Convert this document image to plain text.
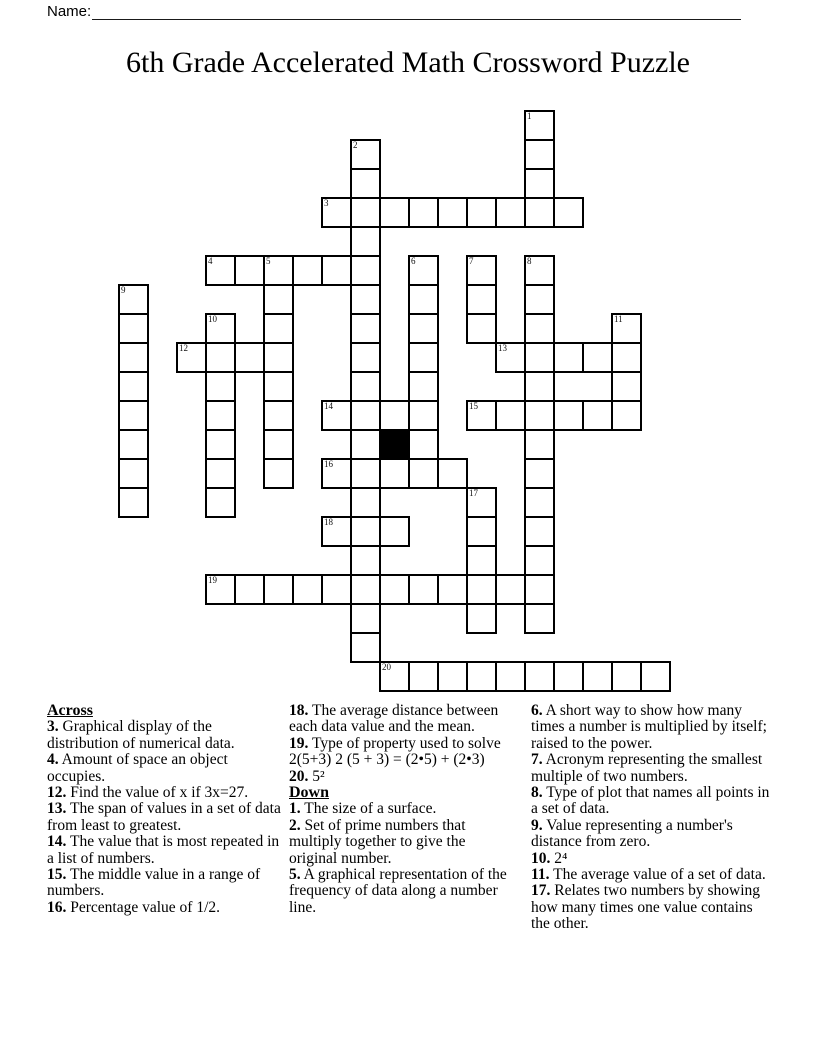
Name:
6th Grade Accelerated Math Crossword Puzzle
1
2
3
4	5	6	7	8
9
10	11
12	13
14	15
16
17
18
19
20
Across
3. Graphical display of the distribution of numerical data.
4. Amount of space an object occupies.
12. Find the value of x if 3x=27.
13. The span of values in a set of data from least to greatest.
14. The value that is most repeated in a list of numbers.
15. The middle value in a range of numbers.
16. Percentage value of 1/2.
18. The average distance between each data value and the mean.
19. Type of property used to solve 2(5+3) 2 (5 + 3) = (2•5) + (2•3)
20. 5²
Down
1. The size of a surface.
2. Set of prime numbers that multiply together to give the original number.
5. A graphical representation of the frequency of data along a number line.
6. A short way to show how many times a number is multiplied by itself; raised to the power.
7. Acronym representing the smallest multiple of two numbers.
8. Type of plot that names all points in a set of data.
9. Value representing a number's distance from zero.
10. 2⁴
11. The average value of a set of data.
17. Relates two numbers by showing how many times one value contains the other.
